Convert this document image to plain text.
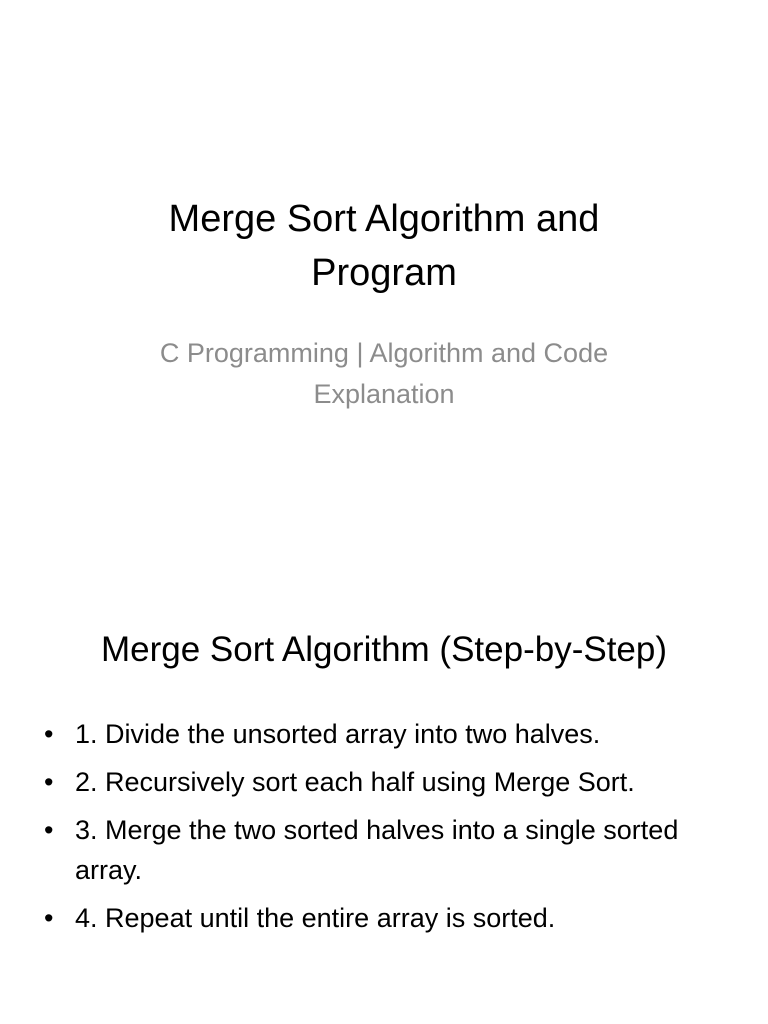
Merge Sort Algorithm and
Program
C Programming | Algorithm and Code
Explanation
Merge Sort Algorithm (Step-by-Step)
• 1. Divide the unsorted array into two halves.
• 2. Recursively sort each half using Merge Sort.
• 3. Merge the two sorted halves into a single sorted array.
• 4. Repeat until the entire array is sorted.
